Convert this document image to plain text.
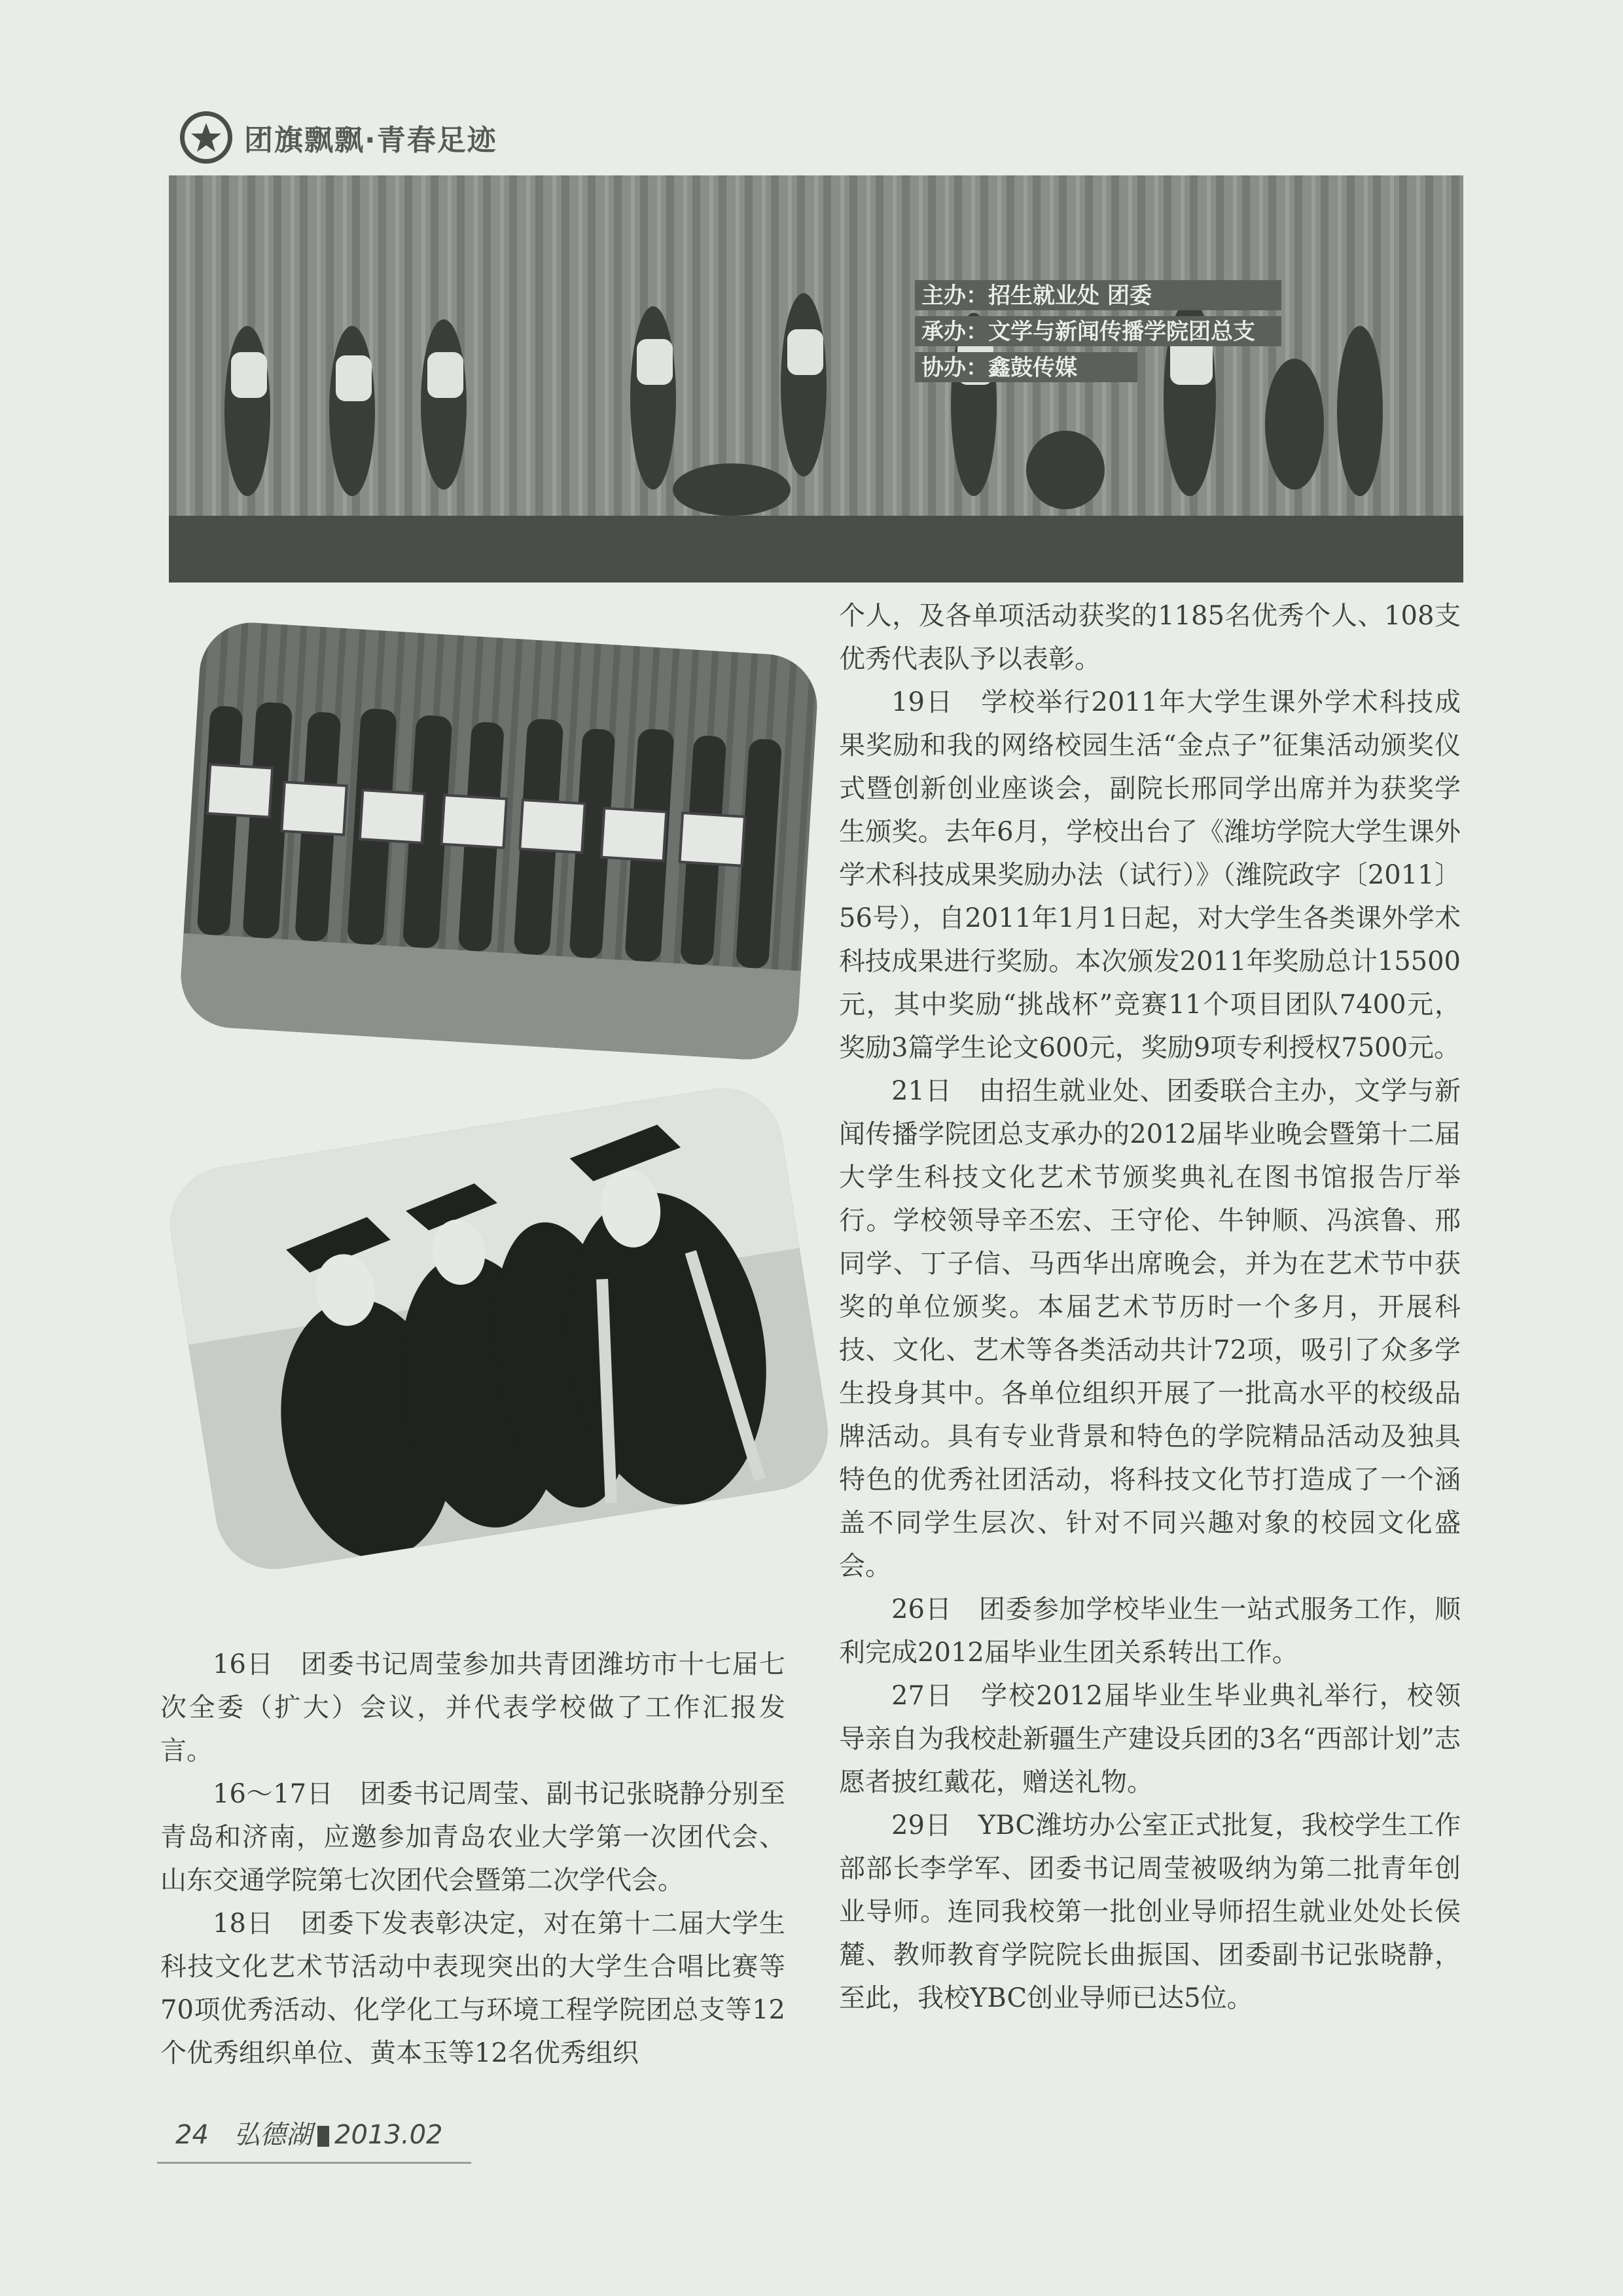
团旗飘飘·青春足迹
主办：招生就业处 团委
承办：文学与新闻传播学院团总支
协办：鑫鼓传媒

个人，及各单项活动获奖的1185名优秀个人、108支优秀代表队予以表彰。

19日　 学校举行2011年大学生课外学术科技成果奖励和我的网络校园生活“金点子”征集活动颁奖仪式暨创新创业座谈会，副院长邢同学出席并为获奖学生颁奖。去年6月，学校出台了《潍坊学院大学生课外学术科技成果奖励办法（试行）》（潍院政字〔2011〕56号），自2011年1月1日起，对大学生各类课外学术科技成果进行奖励。本次颁发2011年奖励总计15500元，其中奖励“挑战杯”竞赛11个项目团队7400元，奖励3篇学生论文600元，奖励9项专利授权7500元。

21日　 由招生就业处、团委联合主办，文学与新闻传播学院团总支承办的2012届毕业晚会暨第十二届大学生科技文化艺术节颁奖典礼在图书馆报告厅举行。学校领导辛丕宏、王守伦、牛钟顺、冯滨鲁、邢同学、丁子信、马西华出席晚会，并为在艺术节中获奖的单位颁奖。本届艺术节历时一个多月，开展科技、文化、艺术等各类活动共计72项，吸引了众多学生投身其中。各单位组织开展了一批高水平的校级品牌活动。具有专业背景和特色的学院精品活动及独具特色的优秀社团活动，将科技文化节打造成了一个涵盖不同学生层次、针对不同兴趣对象的校园文化盛会。

26日　 团委参加学校毕业生一站式服务工作，顺利完成2012届毕业生团关系转出工作。

27日　 学校2012届毕业生毕业典礼举行，校领导亲自为我校赴新疆生产建设兵团的3名“西部计划”志愿者披红戴花，赠送礼物。

29日　 YBC潍坊办公室正式批复，我校学生工作部部长李学军、团委书记周莹被吸纳为第二批青年创业导师。连同我校第一批创业导师招生就业处处长侯麓、教师教育学院院长曲振国、团委副书记张晓静，至此，我校YBC创业导师已达5位。

16日　 团委书记周莹参加共青团潍坊市十七届七次全委（扩大）会议，并代表学校做了工作汇报发言。

16～17日　 团委书记周莹、副书记张晓静分别至青岛和济南，应邀参加青岛农业大学第一次团代会、山东交通学院第七次团代会暨第二次学代会。

18日　 团委下发表彰决定，对在第十二届大学生科技文化艺术节活动中表现突出的大学生合唱比赛等70项优秀活动、化学化工与环境工程学院团总支等12个优秀组织单位、黄本玉等12名优秀组织

24 弘德湖 2013.02
